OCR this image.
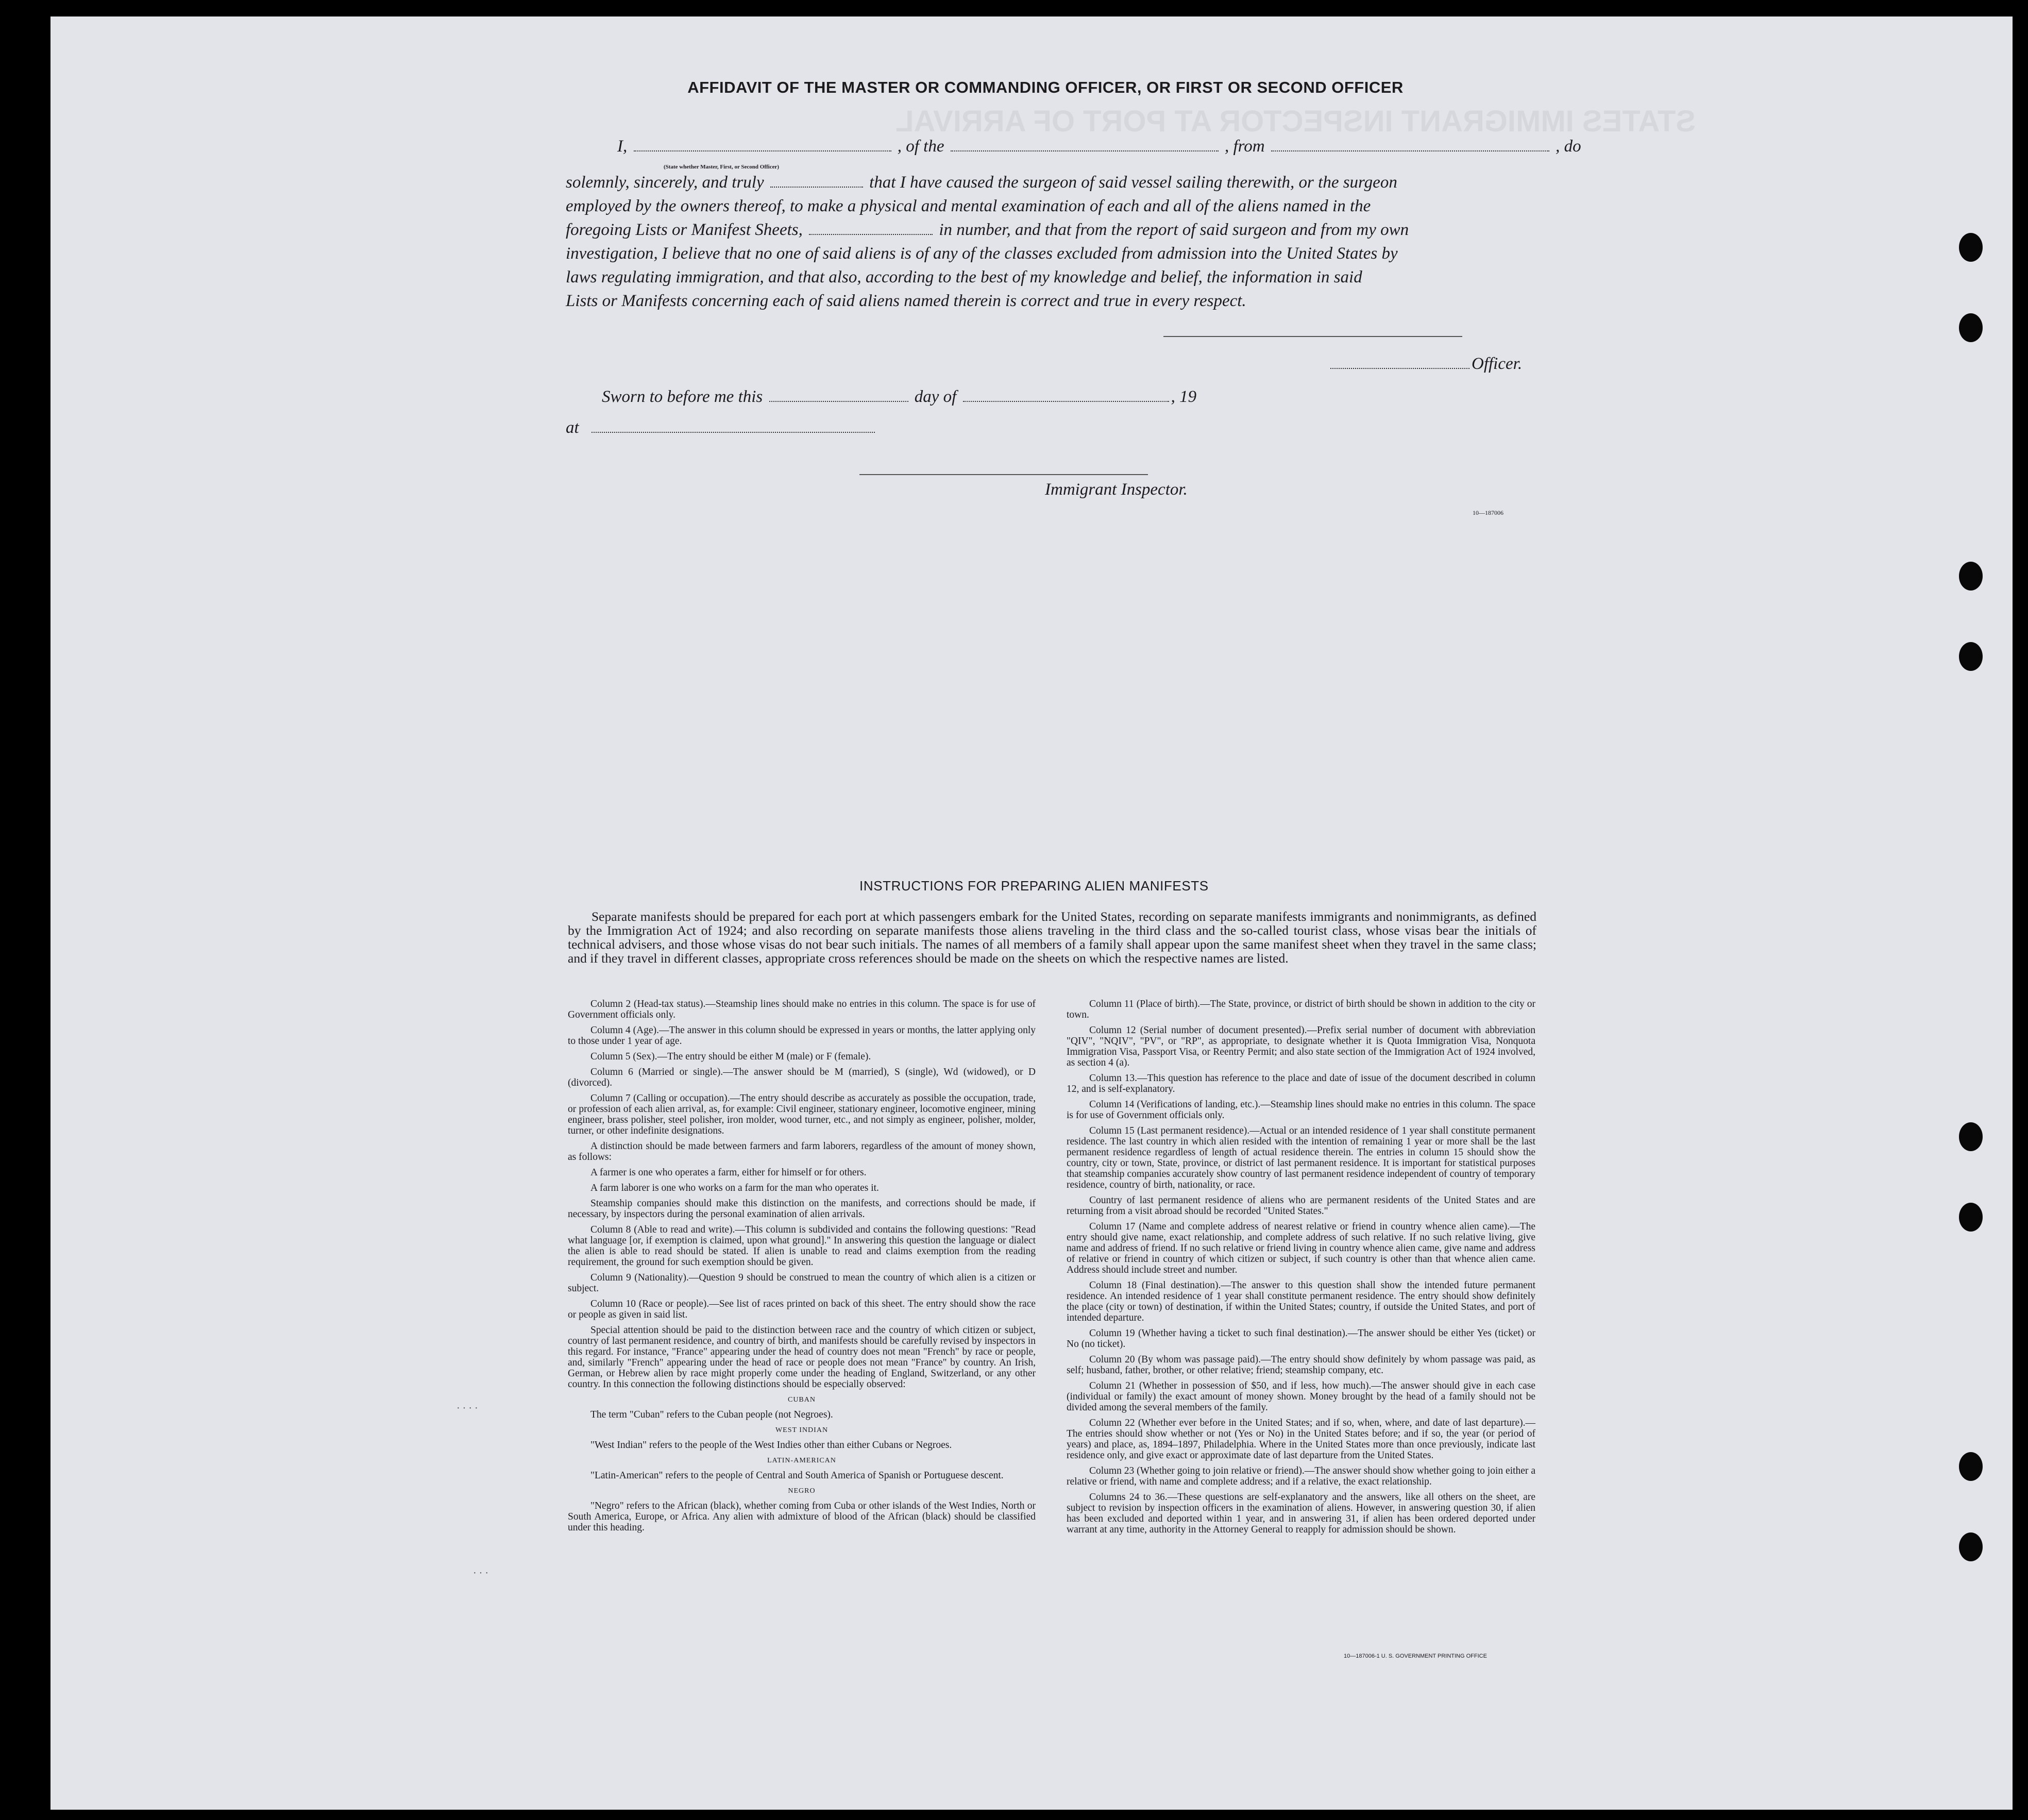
STATES IMMIGRANT INSPECTOR AT PORT OF ARRIVAL
· · · ·
· · ·
AFFIDAVIT OF THE MASTER OR COMMANDING OFFICER, OR FIRST OR SECOND OFFICER
I,	, of the	, from	, do
(State whether Master, First, or Second Officer)
solemnly, sincerely, and truly	that I have caused the surgeon of said vessel sailing therewith, or the surgeon
employed by the owners thereof, to make a physical and mental examination of each and all of the aliens named in the
foregoing Lists or Manifest Sheets,	in number, and that from the report of said surgeon and from my own
investigation, I believe that no one of said aliens is of any of the classes excluded from admission into the United States by
laws regulating immigration, and that also, according to the best of my knowledge and belief, the information in said
Lists or Manifests concerning each of said aliens named therein is correct and true in every respect.
Officer.
Sworn to before me this	day of	, 19
at
Immigrant Inspector.
10—187006
INSTRUCTIONS FOR PREPARING ALIEN MANIFESTS

Separate manifests should be prepared for each port at which passengers embark for the United States, recording on separate manifests immigrants and nonimmigrants, as defined by the Immigration Act of 1924; and also recording on separate manifests those aliens traveling in the third class and the so-called tourist class, whose visas bear the initials of technical advisers, and those whose visas do not bear such initials. The names of all members of a family shall appear upon the same manifest sheet when they travel in the same class; and if they travel in different classes, appropriate cross references should be made on the sheets on which the respective names are listed.

Column 2 (Head-tax status).—Steamship lines should make no entries in this column. The space is for use of Government officials only.

Column 4 (Age).—The answer in this column should be expressed in years or months, the latter applying only to those under 1 year of age.

Column 5 (Sex).—The entry should be either M (male) or F (female).

Column 6 (Married or single).—The answer should be M (married), S (single), Wd (widowed), or D (divorced).

Column 7 (Calling or occupation).—The entry should describe as accurately as possible the occupation, trade, or profession of each alien arrival, as, for example: Civil engineer, stationary engineer, locomotive engineer, mining engineer, brass polisher, steel polisher, iron molder, wood turner, etc., and not simply as engineer, polisher, molder, turner, or other indefinite designations.

A distinction should be made between farmers and farm laborers, regardless of the amount of money shown, as follows:

A farmer is one who operates a farm, either for himself or for others.

A farm laborer is one who works on a farm for the man who operates it.

Steamship companies should make this distinction on the manifests, and corrections should be made, if necessary, by inspectors during the personal examination of alien arrivals.

Column 8 (Able to read and write).—This column is subdivided and contains the following questions: "Read what language [or, if exemption is claimed, upon what ground]." In answering this question the language or dialect the alien is able to read should be stated. If alien is unable to read and claims exemption from the reading requirement, the ground for such exemption should be given.

Column 9 (Nationality).—Question 9 should be construed to mean the country of which alien is a citizen or subject.

Column 10 (Race or people).—See list of races printed on back of this sheet. The entry should show the race or people as given in said list.

Special attention should be paid to the distinction between race and the country of which citizen or subject, country of last permanent residence, and country of birth, and manifests should be carefully revised by inspectors in this regard. For instance, "France" appearing under the head of country does not mean "French" by race or people, and, similarly "French" appearing under the head of race or people does not mean "France" by country. An Irish, German, or Hebrew alien by race might properly come under the heading of England, Switzerland, or any other country. In this connection the following distinctions should be especially observed:

CUBAN

The term "Cuban" refers to the Cuban people (not Negroes).

WEST INDIAN

"West Indian" refers to the people of the West Indies other than either Cubans or Negroes.

LATIN-AMERICAN

"Latin-American" refers to the people of Central and South America of Spanish or Portuguese descent.

NEGRO

"Negro" refers to the African (black), whether coming from Cuba or other islands of the West Indies, North or South America, Europe, or Africa. Any alien with admixture of blood of the African (black) should be classified under this heading.

Column 11 (Place of birth).—The State, province, or district of birth should be shown in addition to the city or town.

Column 12 (Serial number of document presented).—Prefix serial number of document with abbreviation "QIV", "NQIV", "PV", or "RP", as appropriate, to designate whether it is Quota Immigration Visa, Nonquota Immigration Visa, Passport Visa, or Reentry Permit; and also state section of the Immigration Act of 1924 involved, as section 4 (a).

Column 13.—This question has reference to the place and date of issue of the document described in column 12, and is self-explanatory.

Column 14 (Verifications of landing, etc.).—Steamship lines should make no entries in this column. The space is for use of Government officials only.

Column 15 (Last permanent residence).—Actual or an intended residence of 1 year shall constitute permanent residence. The last country in which alien resided with the intention of remaining 1 year or more shall be the last permanent residence regardless of length of actual residence therein. The entries in column 15 should show the country, city or town, State, province, or district of last permanent residence. It is important for statistical purposes that steamship companies accurately show country of last permanent residence independent of country of temporary residence, country of birth, nationality, or race.

Country of last permanent residence of aliens who are permanent residents of the United States and are returning from a visit abroad should be recorded "United States."

Column 17 (Name and complete address of nearest relative or friend in country whence alien came).—The entry should give name, exact relationship, and complete address of such relative. If no such relative living, give name and address of friend. If no such relative or friend living in country whence alien came, give name and address of relative or friend in country of which citizen or subject, if such country is other than that whence alien came. Address should include street and number.

Column 18 (Final destination).—The answer to this question shall show the intended future permanent residence. An intended residence of 1 year shall constitute permanent residence. The entry should show definitely the place (city or town) of destination, if within the United States; country, if outside the United States, and port of intended departure.

Column 19 (Whether having a ticket to such final destination).—The answer should be either Yes (ticket) or No (no ticket).

Column 20 (By whom was passage paid).—The entry should show definitely by whom passage was paid, as self; husband, father, brother, or other relative; friend; steamship company, etc.

Column 21 (Whether in possession of $50, and if less, how much).—The answer should give in each case (individual or family) the exact amount of money shown. Money brought by the head of a family should not be divided among the several members of the family.

Column 22 (Whether ever before in the United States; and if so, when, where, and date of last departure).—The entries should show whether or not (Yes or No) in the United States before; and if so, the year (or period of years) and place, as, 1894–1897, Philadelphia. Where in the United States more than once previously, indicate last residence only, and give exact or approximate date of last departure from the United States.

Column 23 (Whether going to join relative or friend).—The answer should show whether going to join either a relative or friend, with name and complete address; and if a relative, the exact relationship.

Columns 24 to 36.—These questions are self-explanatory and the answers, like all others on the sheet, are subject to revision by inspection officers in the examination of aliens. However, in answering question 30, if alien has been excluded and deported within 1 year, and in answering 31, if alien has been ordered deported under warrant at any time, authority in the Attorney General to reapply for admission should be shown.

10—187006-1 U. S. GOVERNMENT PRINTING OFFICE
